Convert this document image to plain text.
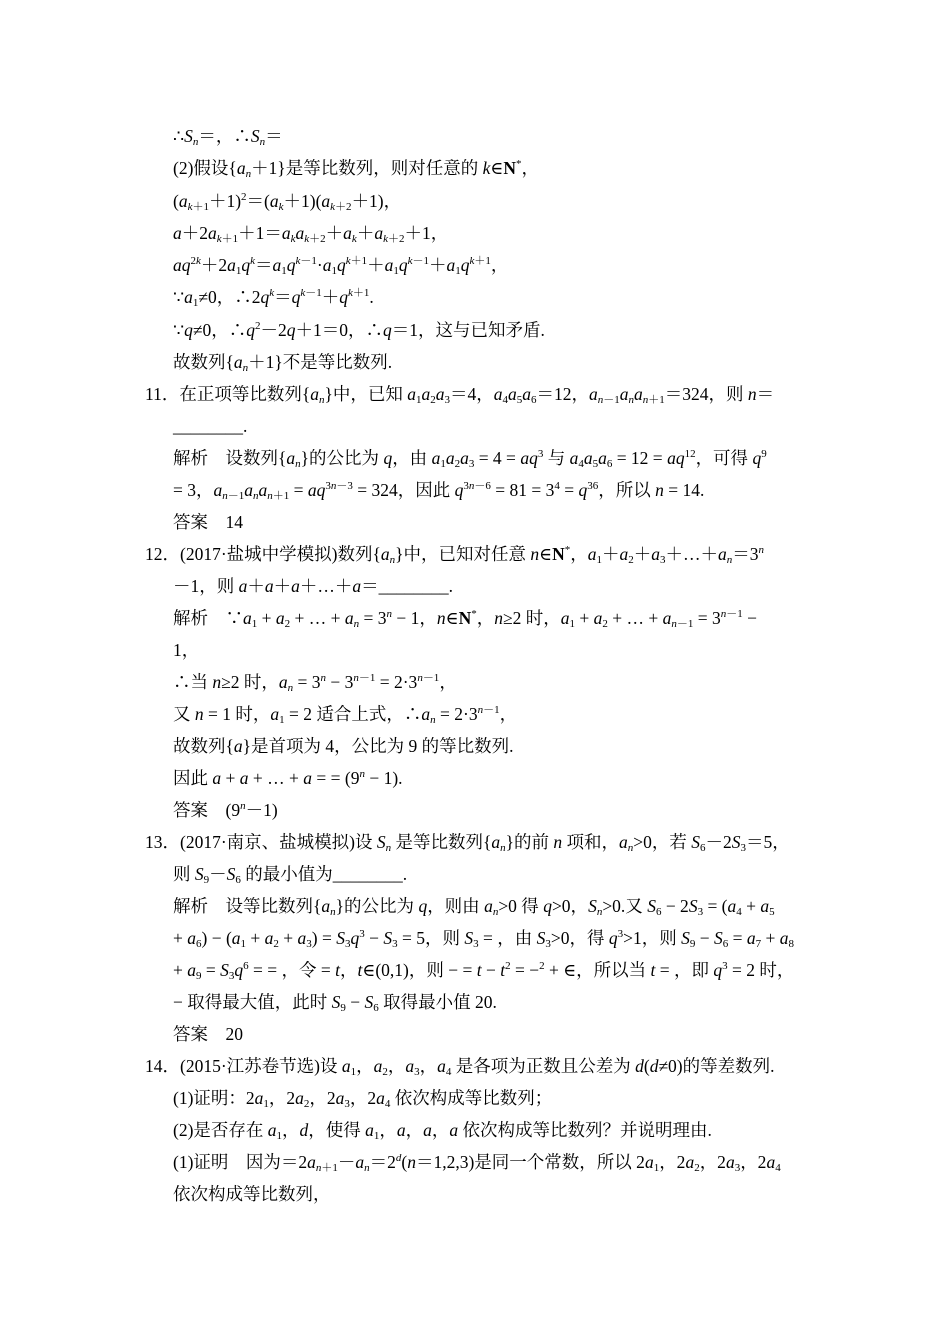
$\therefore S_n=$，$\therefore S_n=$
(2)假设$\{a_n+1\}$是等比数列，则对任意的 k∈N*，
$(a_{k+1}+1)^2=(a_k+1)(a_{k+2}+1)$，
$a+2a_{k+1}+1=a_ka_{k+2}+a_k+a_{k+2}+1$，
$aq^{2k}+2a_1q^k=a_1q^{k-1}\cdot a_1q^{k+1}+a_1q^{k-1}+a_1q^{k+1}$，
$\because a_1\ne 0$，$\therefore 2q^k=q^{k-1}+q^{k+1}$.
∵q≠0，$\therefore q^2-2q+1=0$，∴q＝1，这与已知矛盾.
故数列$\{a_n+1\}$不是等比数列.
11．在正项等比数列$\{a_n\}$中，已知 $a_1a_2a_3=4$，$a_4a_5a_6=12$，$a_{n-1}a_na_{n+1}=324$，则 n＝
________.
解析　设数列$\{a_n\}$的公比为 q，由 $a_1a_2a_3 = 4 = aq^3$ 与 $a_4a_5a_6 = 12 = aq^{12}$，可得 $q^9$
= 3，$a_{n-1}a_na_{n+1} = aq^{3n-3} = 324$，因此 $q^{3n-6} = 81 = 3^4 = q^{36}$，所以 n = 14.
答案　14
12．(2017·盐城中学模拟)数列$\{a_n\}$中，已知对任意 n∈N*，$a_1+a_2+a_3+\dots+a_n=3^n$
－1，则 a＋a＋a＋…＋a＝________.
解析　$\because a_1 + a_2$ + … + $a_n = 3^n - 1$，n∈N*，n≥2 时，$a_1 + a_2$ + … + $a_{n-1} = 3^{n-1}$ −
1，
∴当 n≥2 时，$a_n = 3^n - 3^{n-1} = 2\cdot 3^{n-1}$，
又 n = 1 时，$a_1 = 2$ 适合上式，$\therefore a_n = 2\cdot 3^{n-1}$，
故数列{a}是首项为 4，公比为 9 的等比数列.
因此 a + a + … + a = = $(9^n - 1)$.
答案　$(9^n-1)$
13．(2017·南京、盐城模拟)设 $S_n$ 是等比数列$\{a_n\}$的前 n 项和，$a_n>0$，若 $S_6-2S_3=5$，
则 $S_9-S_6$ 的最小值为________.
解析　设等比数列$\{a_n\}$的公比为 q，则由 $a_n>0$ 得 q>0，$S_n>0$.又 $S_6 - 2S_3 = (a_4 + a_5$
+ $a_6) - (a_1 + a_2 + a_3) = S_3q^3 - S_3 = 5$，则 $S_3$ = ，由 $S_3>0$，得 $q^3>1$，则 $S_9 - S_6 = a_7 + a_8$
+ $a_9 = S_3q^6$ = = ，令 = t，t∈(0,1)，则 − = $t - t^2 = -^2$ + ∈，所以当 t = ，即 $q^3 = 2$ 时，
− 取得最大值，此时 $S_9 - S_6$ 取得最小值 20.
答案　20
14．(2015·江苏卷节选)设 $a_1$，$a_2$，$a_3$，$a_4$ 是各项为正数且公差为 d(d≠0)的等差数列.
(1)证明：$2a_1$，$2a_2$，$2a_3$，$2a_4$ 依次构成等比数列；
(2)是否存在 $a_1$，d，使得 $a_1$，a，a，a 依次构成等比数列？并说明理由.
(1)证明　因为$=2a_{n+1}-a_n=2^d(n=1,2,3)$是同一个常数，所以 $2a_1$，$2a_2$，$2a_3$，$2a_4$
依次构成等比数列，
